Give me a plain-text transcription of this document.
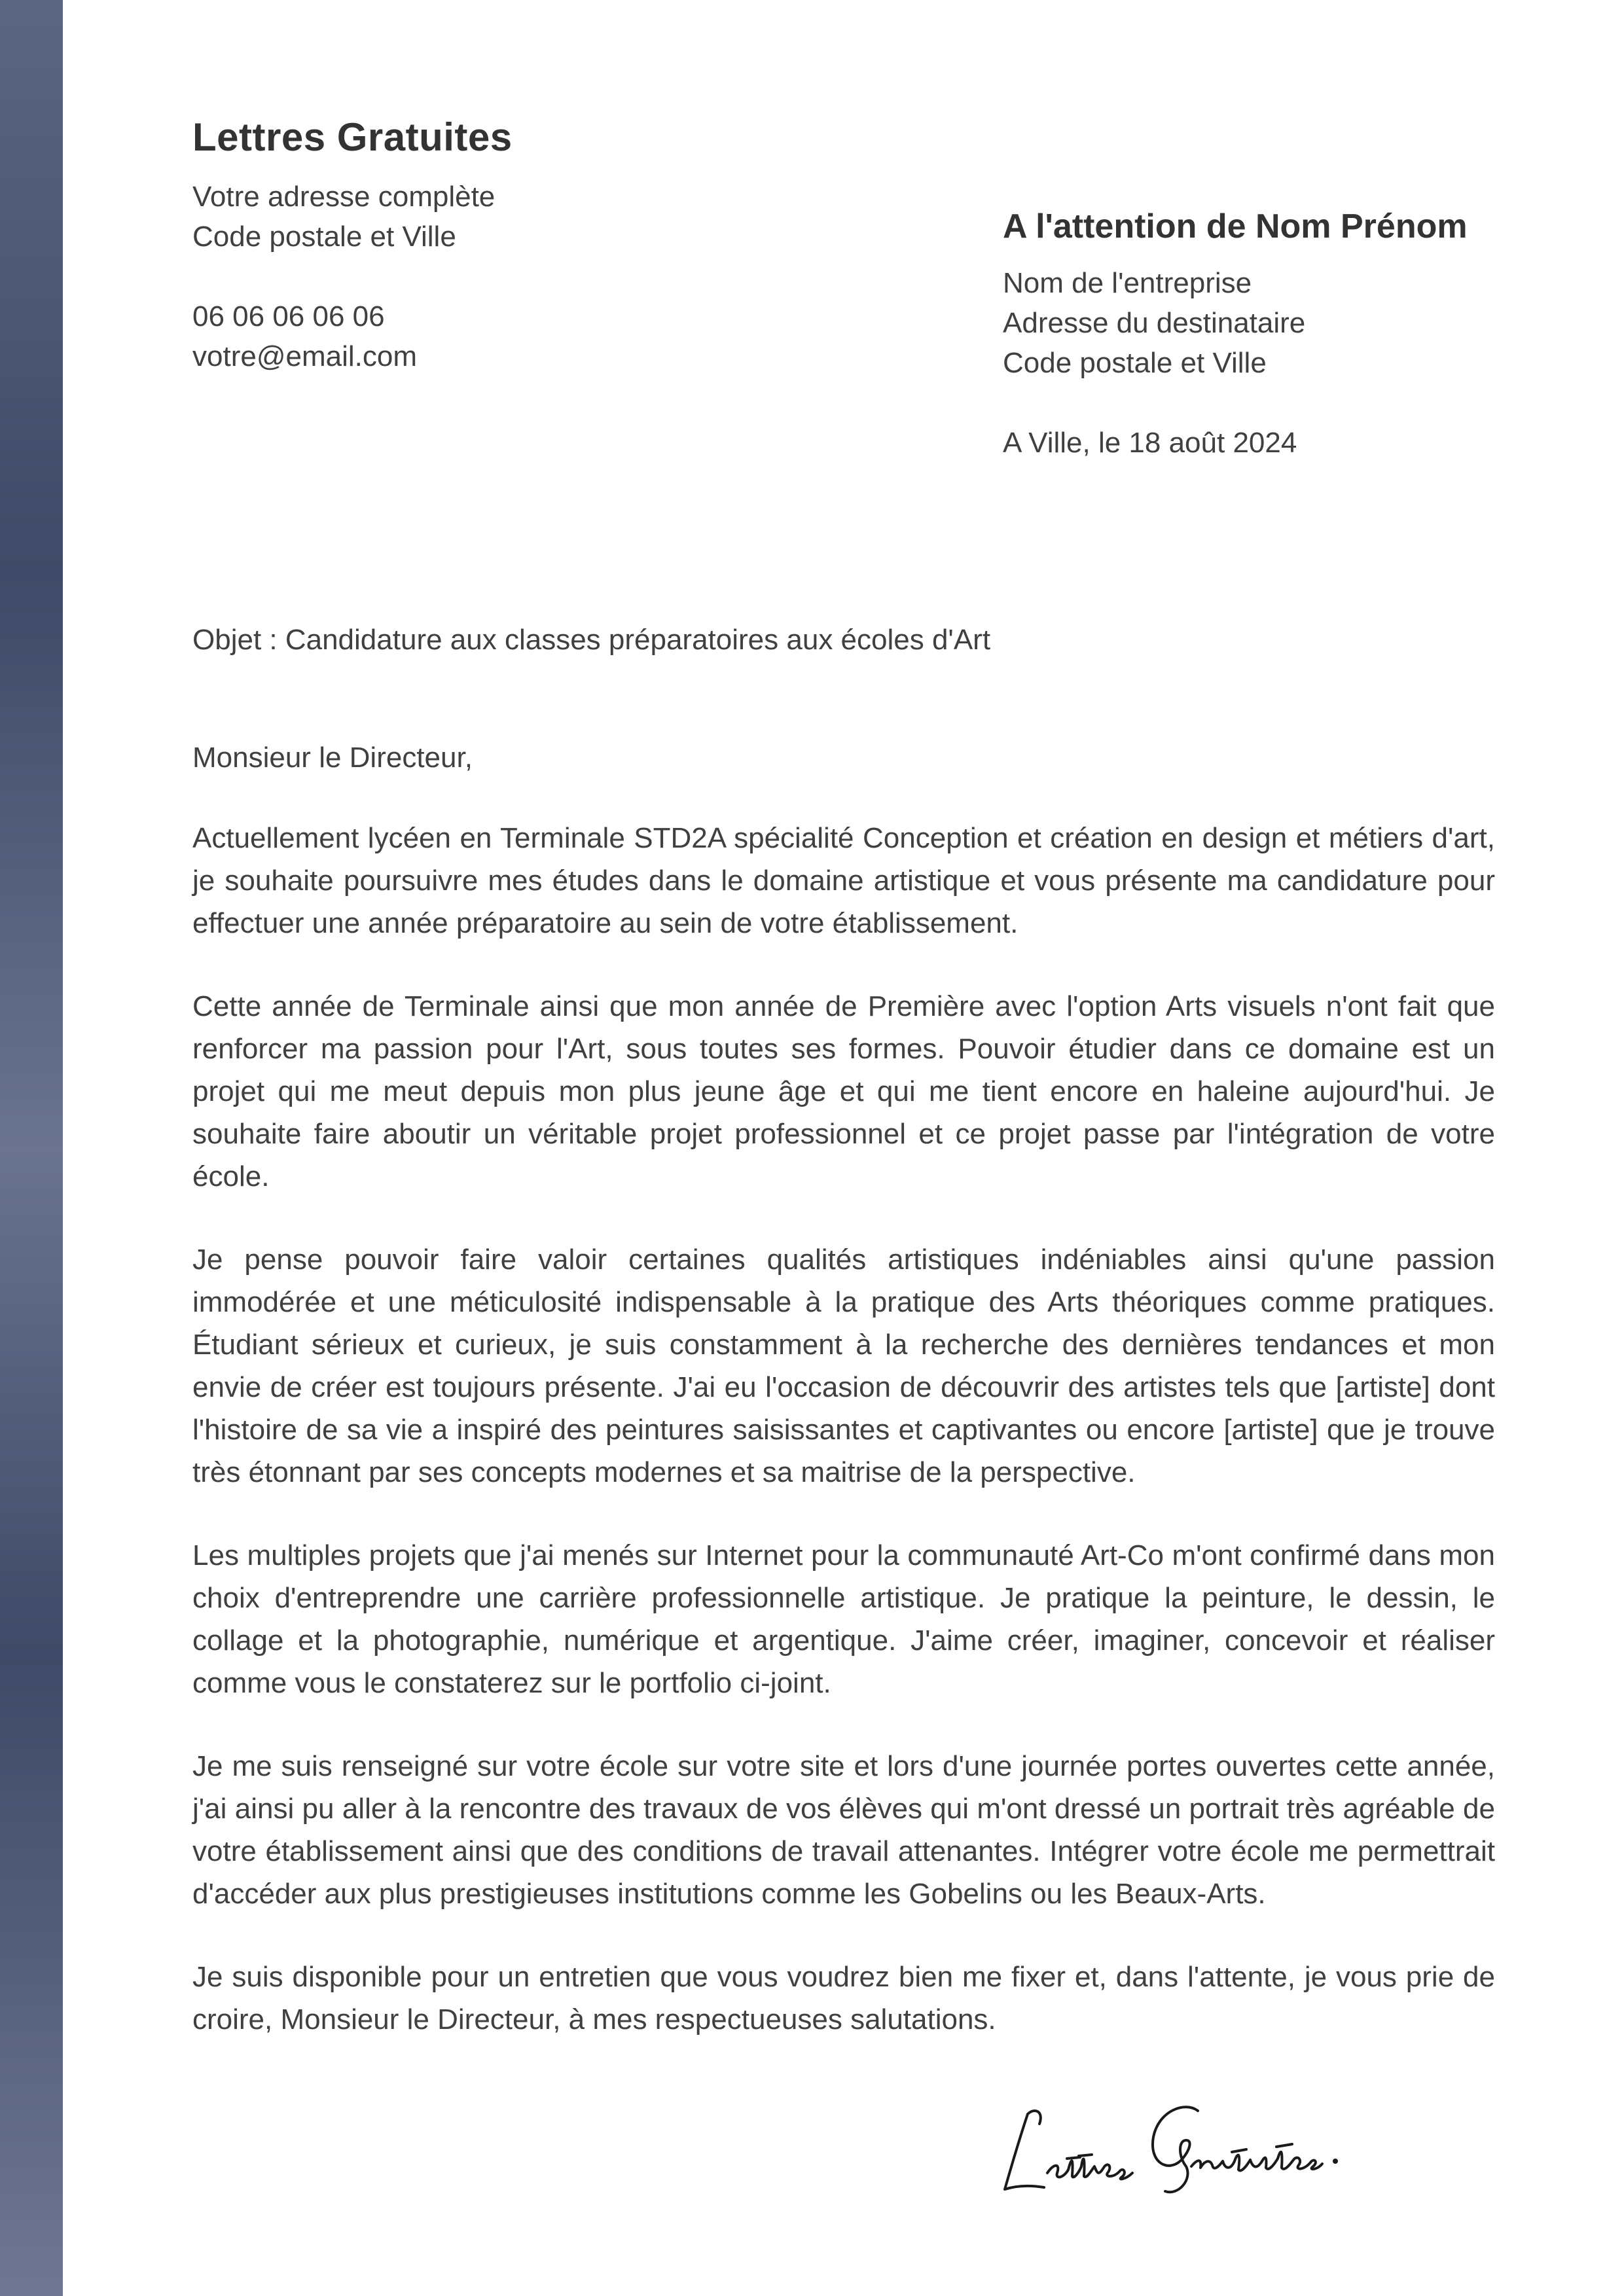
Lettres Gratuites
Votre adresse complète
Code postale et Ville
06 06 06 06 06
votre@email.com
A l'attention de Nom Prénom
Nom de l'entreprise
Adresse du destinataire
Code postale et Ville
A Ville, le 18 août 2024
Objet : Candidature aux classes préparatoires aux écoles d'Art
Monsieur le Directeur,

Actuellement lycéen en Terminale STD2A spécialité Conception et création en design et métiers d'art, je souhaite poursuivre mes études dans le domaine artistique et vous présente ma candidature pour effectuer une année préparatoire au sein de votre établissement.

Cette année de Terminale ainsi que mon année de Première avec l'option Arts visuels n'ont fait que renforcer ma passion pour l'Art, sous toutes ses formes. Pouvoir étudier dans ce domaine est un projet qui me meut depuis mon plus jeune âge et qui me tient encore en haleine aujourd'hui. Je souhaite faire aboutir un véritable projet professionnel et ce projet passe par l'intégration de votre école.

Je pense pouvoir faire valoir certaines qualités artistiques indéniables ainsi qu'une passion immodérée et une méticulosité indispensable à la pratique des Arts théoriques comme pratiques. Étudiant sérieux et curieux, je suis constamment à la recherche des dernières tendances et mon envie de créer est toujours présente. J'ai eu l'occasion de découvrir des artistes tels que [artiste] dont l'histoire de sa vie a inspiré des peintures saisissantes et captivantes ou encore [artiste] que je trouve très étonnant par ses concepts modernes et sa maitrise de la perspective.

Les multiples projets que j'ai menés sur Internet pour la communauté Art-Co m'ont confirmé dans mon choix d'entreprendre une carrière professionnelle artistique. Je pratique la peinture, le dessin, le collage et la photographie, numérique et argentique. J'aime créer, imaginer, concevoir et réaliser comme vous le constaterez sur le portfolio ci-joint.

Je me suis renseigné sur votre école sur votre site et lors d'une journée portes ouvertes cette année, j'ai ainsi pu aller à la rencontre des travaux de vos élèves qui m'ont dressé un portrait très agréable de votre établissement ainsi que des conditions de travail attenantes. Intégrer votre école me permettrait d'accéder aux plus prestigieuses institutions comme les Gobelins ou les Beaux-Arts.

Je suis disponible pour un entretien que vous voudrez bien me fixer et, dans l'attente, je vous prie de croire, Monsieur le Directeur, à mes respectueuses salutations.
